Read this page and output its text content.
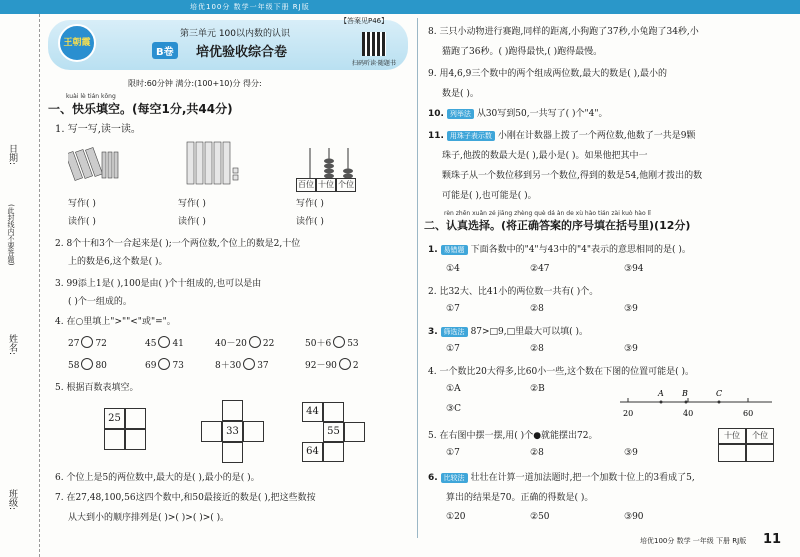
培优100分 数学一年级下册 RJ版
日期:
(此封线内不要答题)
姓名:
班级:
王朝霞
【答案见P46】
第三单元 100以内数的认识
B卷	培优验收综合卷
扫码听读·随题书
限时:60分钟 满分:(100+10)分 得分:
kuài lè tián kōng
一、快乐填空。(每空1分,共44分)
1. 写一写,读一读。
百位 十位 个位
写作( )	写作( )	写作( )
读作( )	读作( )	读作( )
2. 8个十和3个一合起来是( );一个两位数,个位上的数是2,十位
上的数是6,这个数是( )。
3. 99添上1是( ),100是由( )个十组成的,也可以是由
( )个一组成的。
4. 在○里填上">""<"或"="。
27 72	45 41	40－20 22	50＋6 53
58 80	69 73	8＋30 37	92－90 2
5. 根据百数表填空。
25
33
44
55
64
6. 个位上是5的两位数中,最大的是( ),最小的是( )。
7. 在27,48,100,56这四个数中,和50最接近的数是( ),把这些数按
从大到小的顺序排列是( )>( )>( )>( )。
8. 三只小动物进行赛跑,同样的距离,小狗跑了37秒,小兔跑了34秒,小
猫跑了36秒。( )跑得最快,( )跑得最慢。
9. 用4,6,9三个数中的两个组成两位数,最大的数是( ),最小的
数是( )。
10. 列举法 从30写到50,一共写了( )个"4"。
11. 用珠子表示数 小刚在计数器上拨了一个两位数,他数了一共是9颗
珠子,他拨的数最大是( ),最小是( )。如果他把其中一
颗珠子从一个数位移到另一个数位,得到的数是54,他刚才拨出的数
可能是( ),也可能是( )。
rèn zhēn xuǎn zé jiāng zhèng què dá àn de xù hào tián zài kuò hào lǐ
二、认真选择。(将正确答案的序号填在括号里)(12分)
1. 易错题 下面各数中的"4"与43中的"4"表示的意思相同的是( )。
①4	②47	③94
2. 比32大、比41小的两位数一共有( )个。
①7	②8	③9
3. 筛选法 87>□9,□里最大可以填( )。
①7	②8	③9
4. 一个数比20大得多,比60小一些,这个数在下图的位置可能是( )。
①A	②B
③C	20	40	60
A B	C
5. 在右图中摆一摆,用( )个●就能摆出72。	十位	个位
①7	②8	③9
6. 比较法 壮壮在计算一道加法题时,把一个加数十位上的3看成了5,
算出的结果是70。正确的得数是( )。
①20	②50	③90
培优100分 数学 一年级 下册 RJ版 11
